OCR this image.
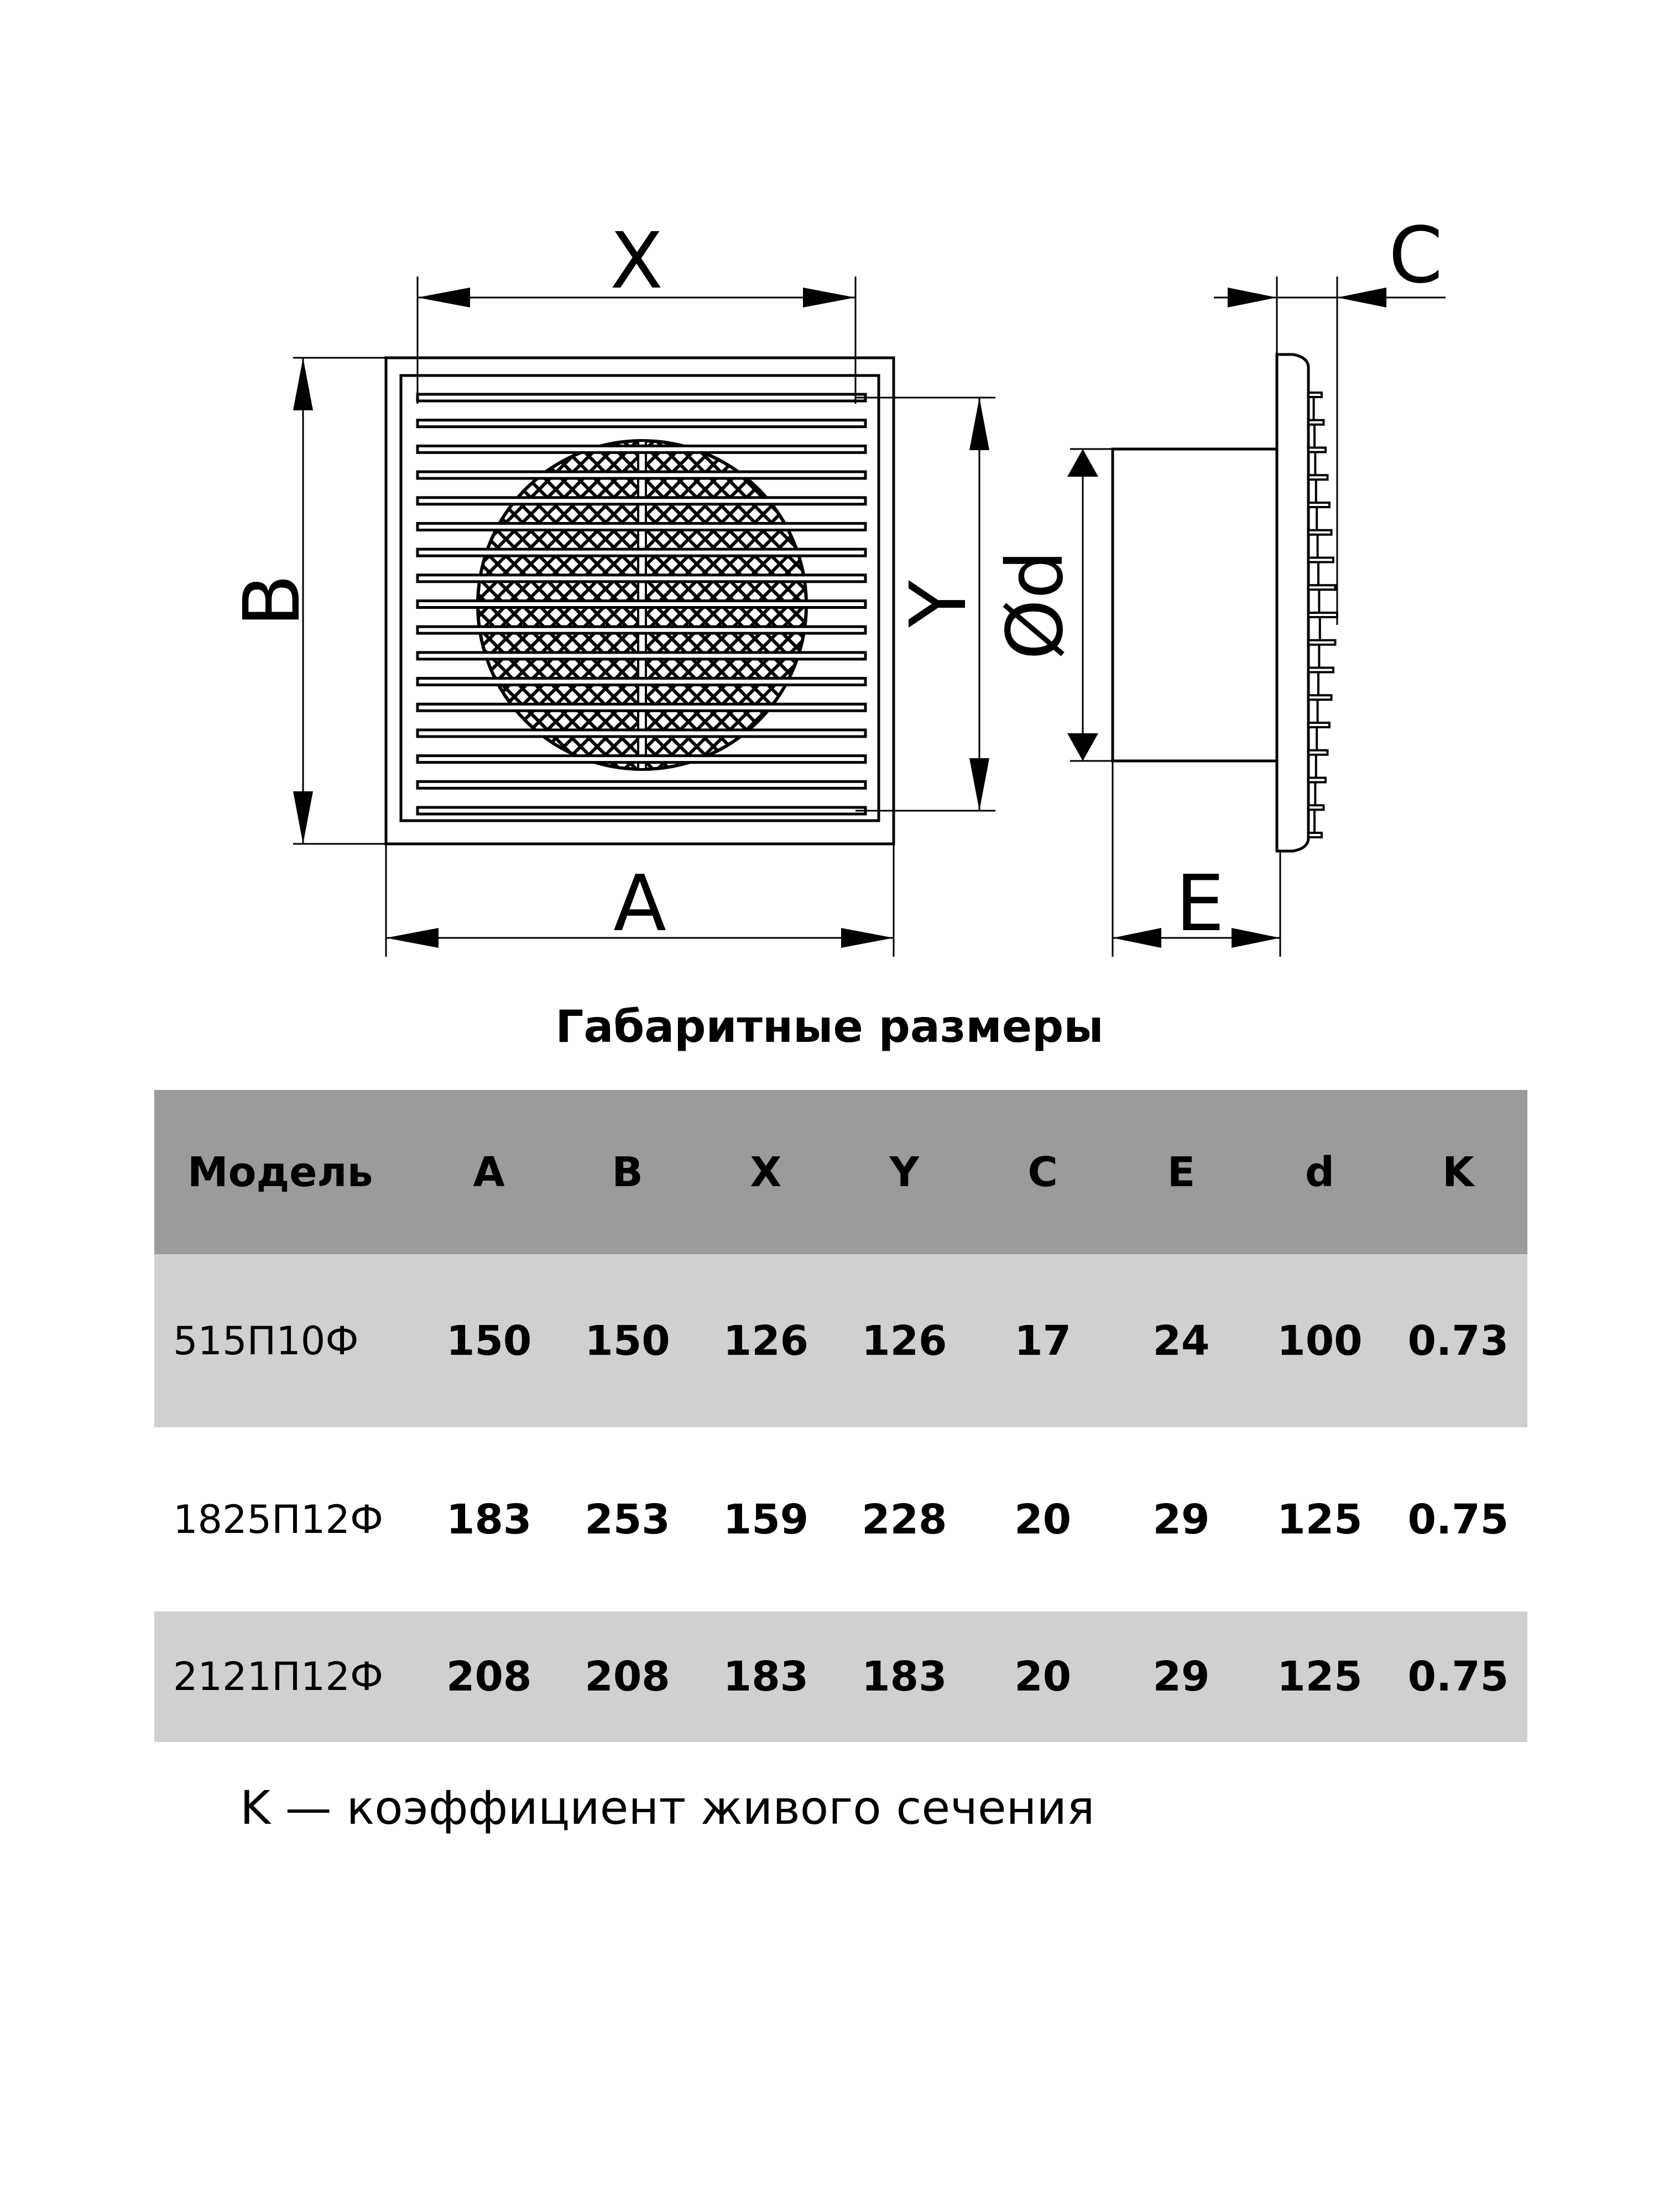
X
B	Y
A
C
Ød
E
Габаритные размеры
Модель	A	B	X	Y	C	E	d	K
515П10Ф	150	150	126	126	17	24	100	0.73
1825П12Ф	183	253	159	228	20	29	125	0.75
2121П12Ф	208	208	183	183	20	29	125	0.75
K — коэффициент живого сечения
